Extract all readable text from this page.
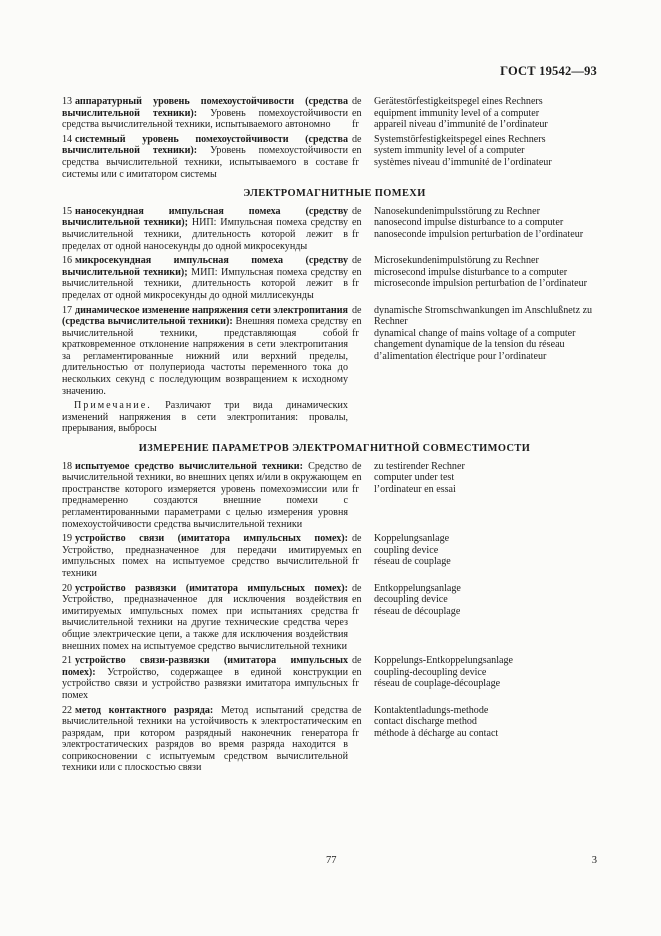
ГОСТ 19542—93
13 аппаратурный уровень помехоустойчивости (средства вычислительной техники): Уровень помехоустойчивости средства вычислительной техники, испытываемого автономно
de
en
fr
Gerätestörfestigkeitspegel eines Rechners
equipment immunity level of a computer
appareil niveau d’immunité de l’ordinateur
14 системный уровень помехоустойчивости (средства вычислительной техники): Уровень помехоустойчивости средства вычислительной техники, испытываемого в составе системы или с имитатором системы
de
en
fr
Systemstörfestigkeitspegel eines Rechners
system immunity level of a computer
systèmes niveau d’immunité de l’ordinateur
ЭЛЕКТРОМАГНИТНЫЕ ПОМЕХИ
15 наносекундная импульсная помеха (средству вычислительной техники); НИП: Импульсная помеха средству вычислительной техники, длительность которой лежит в пределах от одной наносекунды до одной микросекунды
de
en
fr
Nanosekundenimpulsstörung zu Rechner
nanosecond impulse disturbance to a computer
nanoseconde impulsion perturbation de l’ordinateur
16 микросекундная импульсная помеха (средству вычислительной техники); МИП: Импульсная помеха средству вычислительной техники, длительность которой лежит в пределах от одной микросекунды до одной миллисекунды
de
en
fr
Microsekundenimpulstörung zu Rechner
microsecond impulse disturbance to a computer
microseconde impulsion perturbation de l’ordinateur
17 динамическое изменение напряжения сети электропитания (средства вычислительной техники): Внешняя помеха средству вычислительной техники, представляющая собой кратковременное отклонение напряжения в сети электропитания за регламентированные нижний или верхний пределы, длительностью от полупериода частоты переменного тока до нескольких секунд с последующим возвращением к исходному значению.
de
en
fr
dynamische Stromschwankungen im Anschlußnetz zu Rechner
dynamical change of mains voltage of a computer
changement dynamique de la tension du réseau d’alimentation électrique pour l’ordinateur
Примечание. Различают три вида динамических изменений напряжения в сети электропитания: провалы, прерывания, выбросы
ИЗМЕРЕНИЕ ПАРАМЕТРОВ ЭЛЕКТРОМАГНИТНОЙ СОВМЕСТИМОСТИ
18 испытуемое средство вычислительной техники: Средство вычислительной техники, во внешних цепях и/или в окружающем пространстве которого измеряется уровень помехоэмиссии или преднамеренно создаются внешние помехи с регламентированными параметрами с целью измерения уровня помехоустойчивости средства вычислительной техники
de
en
fr
zu testirender Rechner
computer under test
l’ordinateur en essai
19 устройство связи (имитатора импульсных помех): Устройство, предназначенное для передачи имитируемых импульсных помех на испытуемое средство вычислительной техники
de
en
fr
Koppelungsanlage
coupling device
réseau de couplage
20 устройство развязки (имитатора импульсных помех): Устройство, предназначенное для исключения воздействия имитируемых импульсных помех при испытаниях средства вычислительной техники на другие технические средства через общие электрические цепи, а также для исключения воздействия внешних помех на испытуемое средство вычислительной техники
de
en
fr
Entkoppelungsanlage
decoupling device
réseau de découplage
21 устройство связи-развязки (имитатора импульсных помех): Устройство, содержащее в единой конструкции устройство связи и устройство развязки имитатора импульсных помех
de
en
fr
Koppelungs-Entkoppelungsanlage
coupling-decoupling device
réseau de couplage-découplage
22 метод контактного разряда: Метод испытаний средства вычислительной техники на устойчивость к электростатическим разрядам, при котором разрядный наконечник генератора электростатических разрядов во время разряда находится в соприкосновении с испытуемым средством вычислительной техники или с плоскостью связи
de
en
fr
Kontaktentladungs-methode
contact discharge method
méthode à décharge au contact
77	3
